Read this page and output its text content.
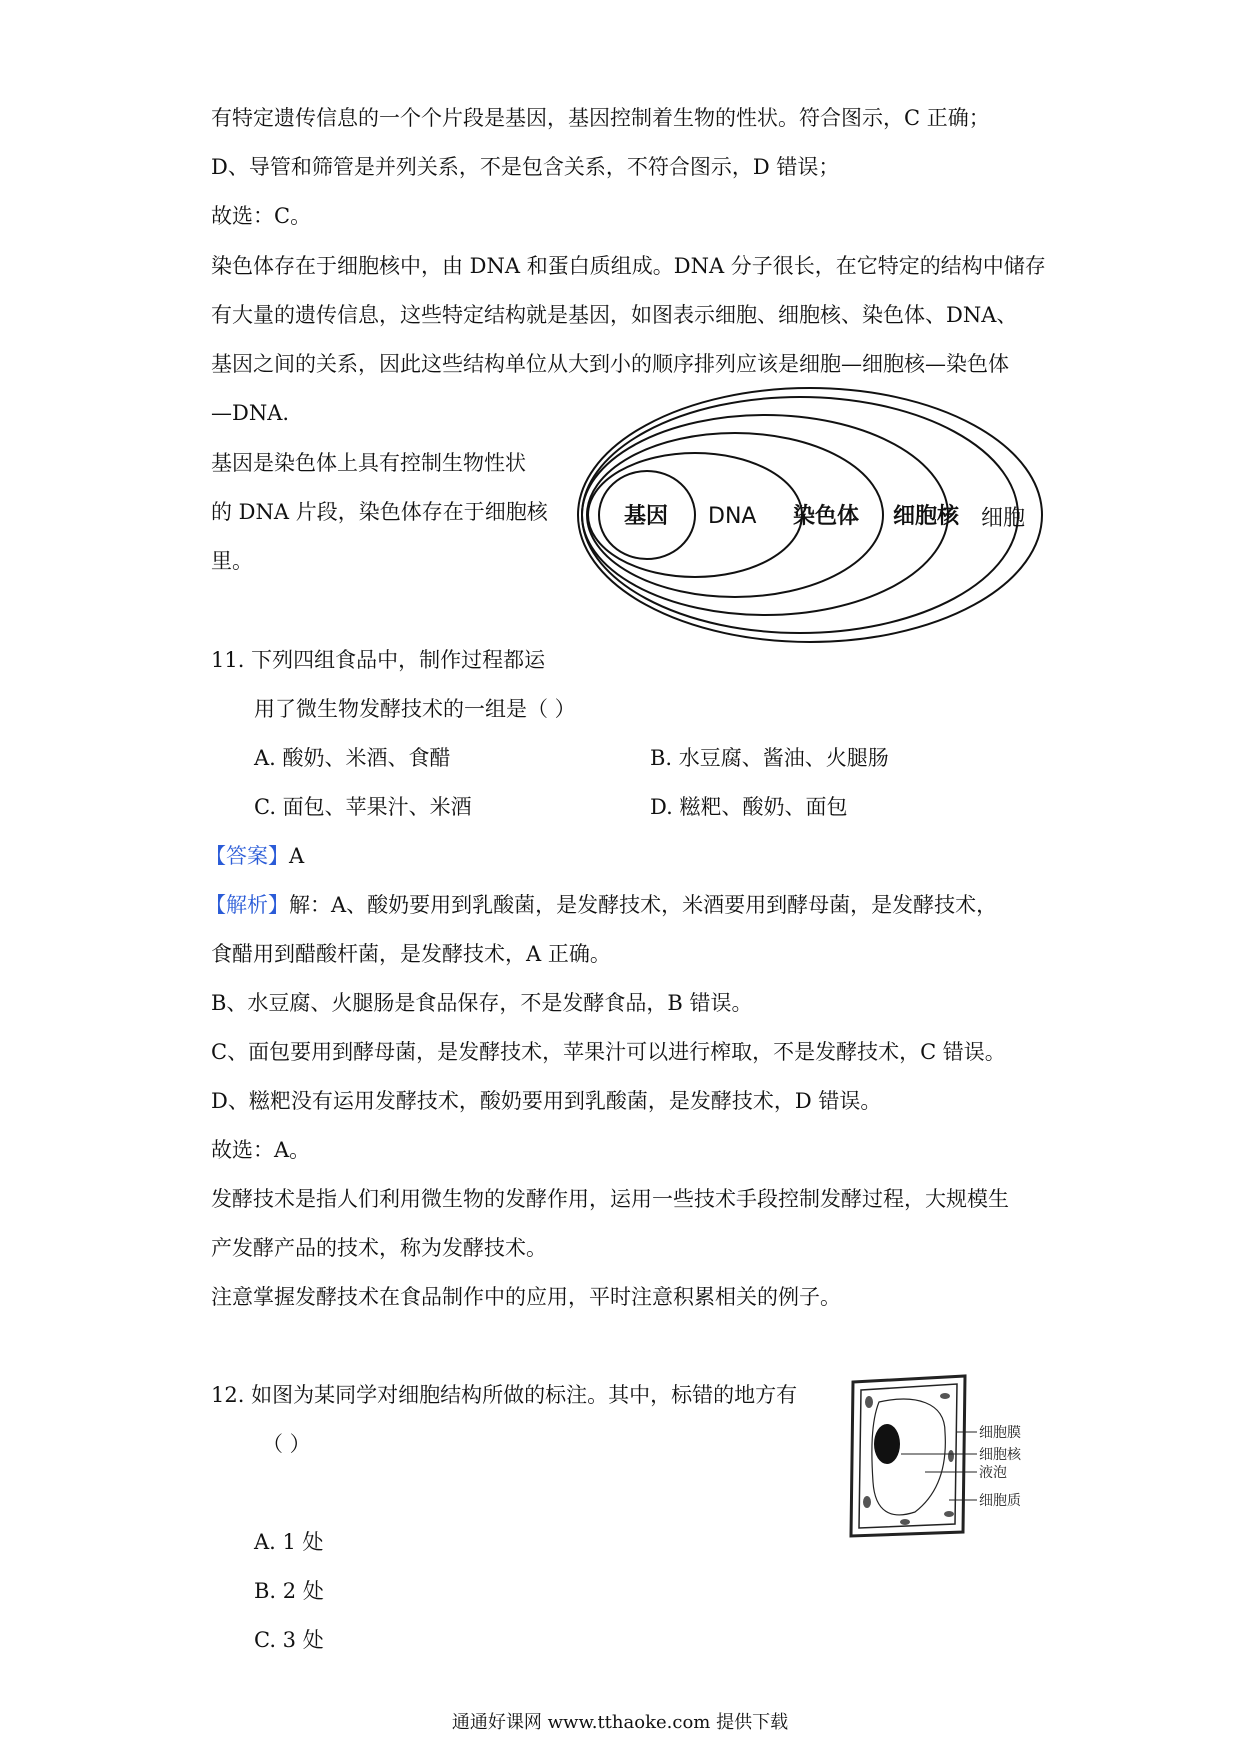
有特定遗传信息的一个个片段是基因，基因控制着生物的性状。符合图示，C 正确；
D、导管和筛管是并列关系，不是包含关系，不符合图示，D 错误；
故选：C。
染色体存在于细胞核中，由 DNA 和蛋白质组成。DNA 分子很长，在它特定的结构中储存
有大量的遗传信息，这些特定结构就是基因，如图表示细胞、细胞核、染色体、DNA、
基因之间的关系，因此这些结构单位从大到小的顺序排列应该是细胞—细胞核—染色体
—DNA.
基因是染色体上具有控制生物性状
的 DNA 片段，染色体存在于细胞核
里。
基因 DNA 染色体 细胞核 细胞
11. 下列四组食品中，制作过程都运
用了微生物发酵技术的一组是（ ）
A. 酸奶、米酒、食醋	B. 水豆腐、酱油、火腿肠
C. 面包、苹果汁、米酒	D. 糍粑、酸奶、面包
【答案】A
【解析】解：A、酸奶要用到乳酸菌，是发酵技术，米酒要用到酵母菌，是发酵技术，
食醋用到醋酸杆菌，是发酵技术，A 正确。
B、水豆腐、火腿肠是食品保存，不是发酵食品，B 错误。
C、面包要用到酵母菌，是发酵技术，苹果汁可以进行榨取，不是发酵技术，C 错误。
D、糍粑没有运用发酵技术，酸奶要用到乳酸菌，是发酵技术，D 错误。
故选：A。
发酵技术是指人们利用微生物的发酵作用，运用一些技术手段控制发酵过程，大规模生
产发酵产品的技术，称为发酵技术。
注意掌握发酵技术在食品制作中的应用，平时注意积累相关的例子。
12. 如图为某同学对细胞结构所做的标注。其中，标错的地方有
（ ）	细胞膜
细胞核
液泡
细胞质
A. 1 处
B. 2 处
C. 3 处
通通好课网 www.tthaoke.com 提供下载
